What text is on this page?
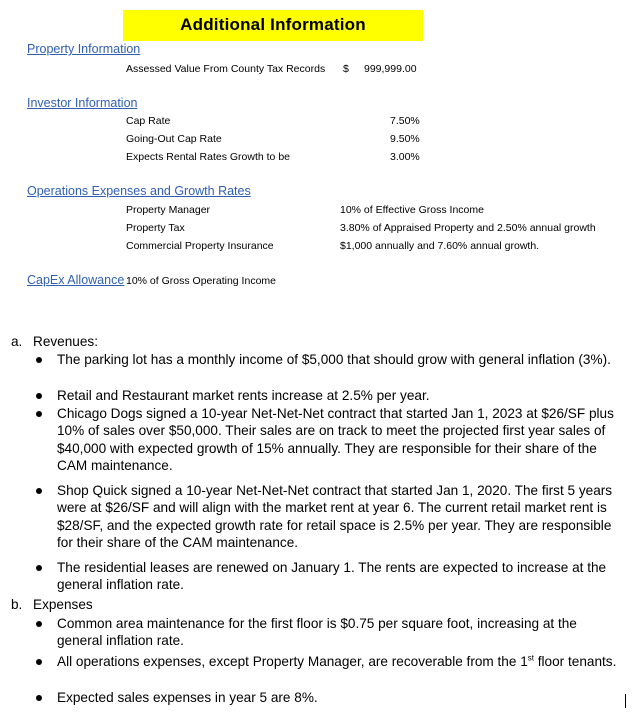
Additional Information
Property Information
Assessed Value From County Tax Records $ 999,999.00
Investor Information
Cap Rate	7.50%
Going-Out Cap Rate	9.50%
Expects Rental Rates Growth to be	3.00%
Operations Expenses and Growth Rates
Property Manager	10% of Effective Gross Income
Property Tax	3.80% of Appraised Property and 2.50% annual growth
Commercial Property Insurance	$1,000 annually and 7.60% annual growth.
CapEx Allowance 10% of Gross Operating Income
a. Revenues:
The parking lot has a monthly income of $5,000 that should grow with general inflation (3%).
Retail and Restaurant market rents increase at 2.5% per year.
Chicago Dogs signed a 10-year Net-Net-Net contract that started Jan 1, 2023 at $26/SF plus 10% of sales over $50,000. Their sales are on track to meet the projected first year sales of $40,000 with expected growth of 15% annually. They are responsible for their share of the CAM maintenance.
Shop Quick signed a 10-year Net-Net-Net contract that started Jan 1, 2020. The first 5 years were at $26/SF and will align with the market rent at year 6. The current retail market rent is $28/SF, and the expected growth rate for retail space is 2.5% per year. They are responsible for their share of the CAM maintenance.
The residential leases are renewed on January 1. The rents are expected to increase at the general inflation rate.
b. Expenses
Common area maintenance for the first floor is $0.75 per square foot, increasing at the general inflation rate.
All operations expenses, except Property Manager, are recoverable from the 1st floor tenants.
Expected sales expenses in year 5 are 8%.
